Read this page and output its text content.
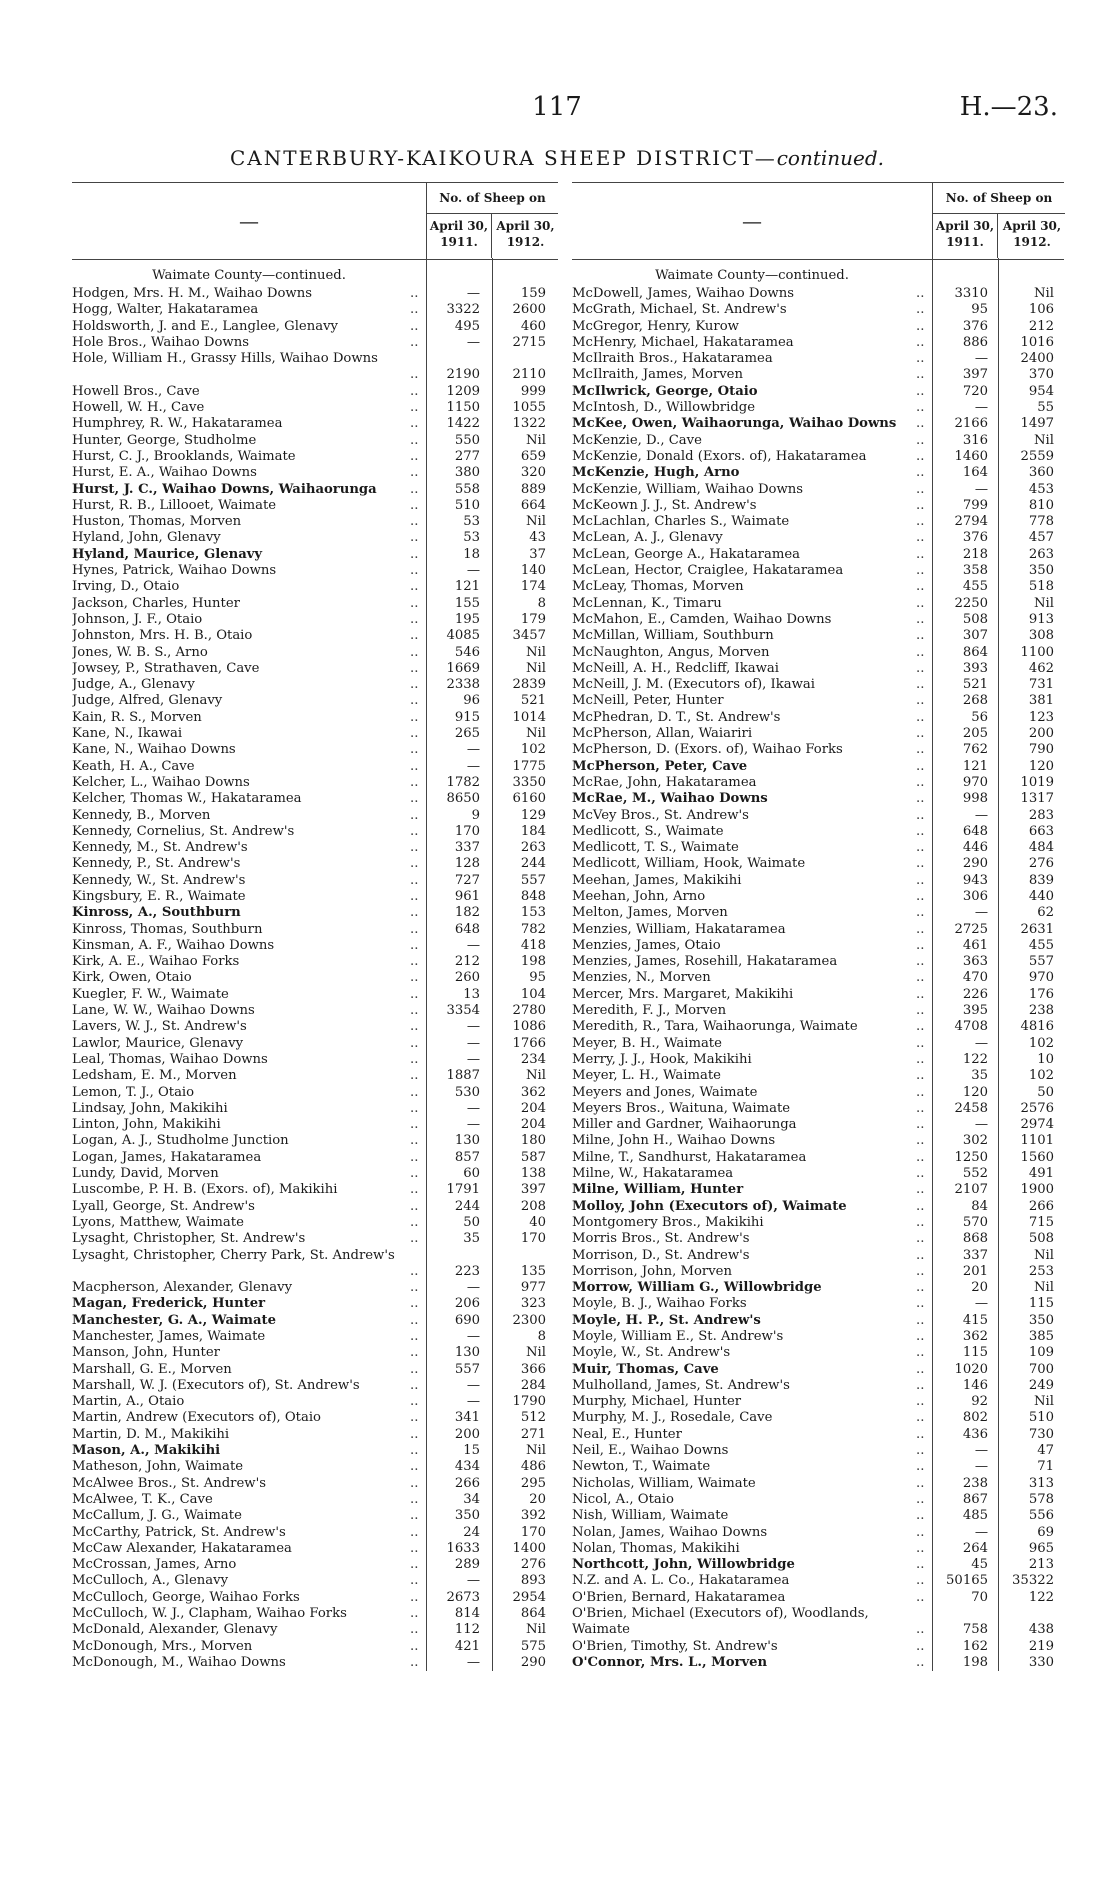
117	H.—23.
CANTERBURY-KAIKOURA SHEEP DISTRICT—continued.
—
No. of Sheep on
April 30, 1911.
April 30, 1912.
Waimate County—continued.
Hodgen, Mrs. H. M., Waihao Downs	..	—	159
Hogg, Walter, Hakataramea	..	3322	2600
Holdsworth, J. and E., Langlee, Glenavy	..	495	460
Hole Bros., Waihao Downs	..	—	2715
Hole, William H., Grassy Hills, Waihao Downs
..	2190	2110
Howell Bros., Cave	..	1209	999
Howell, W. H., Cave	..	1150	1055
Humphrey, R. W., Hakataramea	..	1422	1322
Hunter, George, Studholme	..	550	Nil
Hurst, C. J., Brooklands, Waimate	..	277	659
Hurst, E. A., Waihao Downs	..	380	320
Hurst, J. C., Waihao Downs, Waihaorunga	..	558	889
Hurst, R. B., Lillooet, Waimate	..	510	664
Huston, Thomas, Morven	..	53	Nil
Hyland, John, Glenavy	..	53	43
Hyland, Maurice, Glenavy	..	18	37
Hynes, Patrick, Waihao Downs	..	—	140
Irving, D., Otaio	..	121	174
Jackson, Charles, Hunter	..	155	8
Johnson, J. F., Otaio	..	195	179
Johnston, Mrs. H. B., Otaio	..	4085	3457
Jones, W. B. S., Arno	..	546	Nil
Jowsey, P., Strathaven, Cave	..	1669	Nil
Judge, A., Glenavy	..	2338	2839
Judge, Alfred, Glenavy	..	96	521
Kain, R. S., Morven	..	915	1014
Kane, N., Ikawai	..	265	Nil
Kane, N., Waihao Downs	..	—	102
Keath, H. A., Cave	..	—	1775
Kelcher, L., Waihao Downs	..	1782	3350
Kelcher, Thomas W., Hakataramea	..	8650	6160
Kennedy, B., Morven	..	9	129
Kennedy, Cornelius, St. Andrew's	..	170	184
Kennedy, M., St. Andrew's	..	337	263
Kennedy, P., St. Andrew's	..	128	244
Kennedy, W., St. Andrew's	..	727	557
Kingsbury, E. R., Waimate	..	961	848
Kinross, A., Southburn	..	182	153
Kinross, Thomas, Southburn	..	648	782
Kinsman, A. F., Waihao Downs	..	—	418
Kirk, A. E., Waihao Forks	..	212	198
Kirk, Owen, Otaio	..	260	95
Kuegler, F. W., Waimate	..	13	104
Lane, W. W., Waihao Downs	..	3354	2780
Lavers, W. J., St. Andrew's	..	—	1086
Lawlor, Maurice, Glenavy	..	—	1766
Leal, Thomas, Waihao Downs	..	—	234
Ledsham, E. M., Morven	..	1887	Nil
Lemon, T. J., Otaio	..	530	362
Lindsay, John, Makikihi	..	—	204
Linton, John, Makikihi	..	—	204
Logan, A. J., Studholme Junction	..	130	180
Logan, James, Hakataramea	..	857	587
Lundy, David, Morven	..	60	138
Luscombe, P. H. B. (Exors. of), Makikihi	..	1791	397
Lyall, George, St. Andrew's	..	244	208
Lyons, Matthew, Waimate	..	50	40
Lysaght, Christopher, St. Andrew's	..	35	170
Lysaght, Christopher, Cherry Park, St. Andrew's
..	223	135
Macpherson, Alexander, Glenavy	..	—	977
Magan, Frederick, Hunter	..	206	323
Manchester, G. A., Waimate	..	690	2300
Manchester, James, Waimate	..	—	8
Manson, John, Hunter	..	130	Nil
Marshall, G. E., Morven	..	557	366
Marshall, W. J. (Executors of), St. Andrew's	..	—	284
Martin, A., Otaio	..	—	1790
Martin, Andrew (Executors of), Otaio	..	341	512
Martin, D. M., Makikihi	..	200	271
Mason, A., Makikihi	..	15	Nil
Matheson, John, Waimate	..	434	486
McAlwee Bros., St. Andrew's	..	266	295
McAlwee, T. K., Cave	..	34	20
McCallum, J. G., Waimate	..	350	392
McCarthy, Patrick, St. Andrew's	..	24	170
McCaw Alexander, Hakataramea	..	1633	1400
McCrossan, James, Arno	..	289	276
McCulloch, A., Glenavy	..	—	893
McCulloch, George, Waihao Forks	..	2673	2954
McCulloch, W. J., Clapham, Waihao Forks	..	814	864
McDonald, Alexander, Glenavy	..	112	Nil
McDonough, Mrs., Morven	..	421	575
McDonough, M., Waihao Downs	..	—	290
—
No. of Sheep on
April 30, 1911.
April 30, 1912.
Waimate County—continued.
McDowell, James, Waihao Downs	..	3310	Nil
McGrath, Michael, St. Andrew's	..	95	106
McGregor, Henry, Kurow	..	376	212
McHenry, Michael, Hakataramea	..	886	1016
McIlraith Bros., Hakataramea	..	—	2400
McIlraith, James, Morven	..	397	370
McIlwrick, George, Otaio	..	720	954
McIntosh, D., Willowbridge	..	—	55
McKee, Owen, Waihaorunga, Waihao Downs	..	2166	1497
McKenzie, D., Cave	..	316	Nil
McKenzie, Donald (Exors. of), Hakataramea	..	1460	2559
McKenzie, Hugh, Arno	..	164	360
McKenzie, William, Waihao Downs	..	—	453
McKeown J. J., St. Andrew's	..	799	810
McLachlan, Charles S., Waimate	..	2794	778
McLean, A. J., Glenavy	..	376	457
McLean, George A., Hakataramea	..	218	263
McLean, Hector, Craiglee, Hakataramea	..	358	350
McLeay, Thomas, Morven	..	455	518
McLennan, K., Timaru	..	2250	Nil
McMahon, E., Camden, Waihao Downs	..	508	913
McMillan, William, Southburn	..	307	308
McNaughton, Angus, Morven	..	864	1100
McNeill, A. H., Redcliff, Ikawai	..	393	462
McNeill, J. M. (Executors of), Ikawai	..	521	731
McNeill, Peter, Hunter	..	268	381
McPhedran, D. T., St. Andrew's	..	56	123
McPherson, Allan, Waiariri	..	205	200
McPherson, D. (Exors. of), Waihao Forks	..	762	790
McPherson, Peter, Cave	..	121	120
McRae, John, Hakataramea	..	970	1019
McRae, M., Waihao Downs	..	998	1317
McVey Bros., St. Andrew's	..	—	283
Medlicott, S., Waimate	..	648	663
Medlicott, T. S., Waimate	..	446	484
Medlicott, William, Hook, Waimate	..	290	276
Meehan, James, Makikihi	..	943	839
Meehan, John, Arno	..	306	440
Melton, James, Morven	..	—	62
Menzies, William, Hakataramea	..	2725	2631
Menzies, James, Otaio	..	461	455
Menzies, James, Rosehill, Hakataramea	..	363	557
Menzies, N., Morven	..	470	970
Mercer, Mrs. Margaret, Makikihi	..	226	176
Meredith, F. J., Morven	..	395	238
Meredith, R., Tara, Waihaorunga, Waimate	..	4708	4816
Meyer, B. H., Waimate	..	—	102
Merry, J. J., Hook, Makikihi	..	122	10
Meyer, L. H., Waimate	..	35	102
Meyers and Jones, Waimate	..	120	50
Meyers Bros., Waituna, Waimate	..	2458	2576
Miller and Gardner, Waihaorunga	..	—	2974
Milne, John H., Waihao Downs	..	302	1101
Milne, T., Sandhurst, Hakataramea	..	1250	1560
Milne, W., Hakataramea	..	552	491
Milne, William, Hunter	..	2107	1900
Molloy, John (Executors of), Waimate	..	84	266
Montgomery Bros., Makikihi	..	570	715
Morris Bros., St. Andrew's	..	868	508
Morrison, D., St. Andrew's	..	337	Nil
Morrison, John, Morven	..	201	253
Morrow, William G., Willowbridge	..	20	Nil
Moyle, B. J., Waihao Forks	..	—	115
Moyle, H. P., St. Andrew's	..	415	350
Moyle, William E., St. Andrew's	..	362	385
Moyle, W., St. Andrew's	..	115	109
Muir, Thomas, Cave	..	1020	700
Mulholland, James, St. Andrew's	..	146	249
Murphy, Michael, Hunter	..	92	Nil
Murphy, M. J., Rosedale, Cave	..	802	510
Neal, E., Hunter	..	436	730
Neil, E., Waihao Downs	..	—	47
Newton, T., Waimate	..	—	71
Nicholas, William, Waimate	..	238	313
Nicol, A., Otaio	..	867	578
Nish, William, Waimate	..	485	556
Nolan, James, Waihao Downs	..	—	69
Nolan, Thomas, Makikihi	..	264	965
Northcott, John, Willowbridge	..	45	213
N.Z. and A. L. Co., Hakataramea	..	50165	35322
O'Brien, Bernard, Hakataramea	..	70	122
O'Brien, Michael (Executors of), Woodlands, Waimate	..	758	438
O'Brien, Timothy, St. Andrew's	..	162	219
O'Connor, Mrs. L., Morven	..	198	330
